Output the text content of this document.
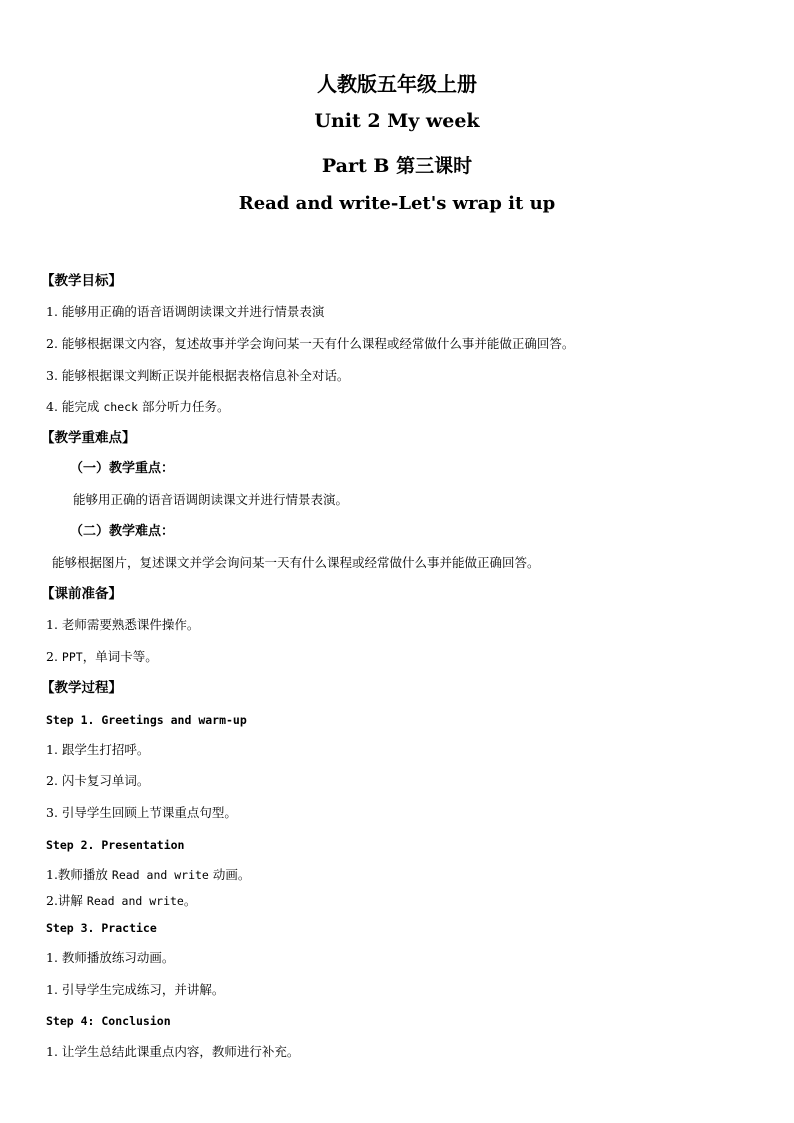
人教版五年级上册
Unit 2 My week
Part B 第三课时
Read and write-Let's wrap it up
【教学目标】
1. 能够用正确的语音语调朗读课文并进行情景表演
2. 能够根据课文内容，复述故事并学会询问某一天有什么课程或经常做什么事并能做正确回答。
3. 能够根据课文判断正误并能根据表格信息补全对话。
4. 能完成 check 部分听力任务。
【教学重难点】
（一）教学重点：
能够用正确的语音语调朗读课文并进行情景表演。
（二）教学难点：
能够根据图片，复述课文并学会询问某一天有什么课程或经常做什么事并能做正确回答。
【课前准备】
1. 老师需要熟悉课件操作。
2. PPT，单词卡等。
【教学过程】
Step 1. Greetings and warm-up
1. 跟学生打招呼。
2. 闪卡复习单词。
3. 引导学生回顾上节课重点句型。
Step 2. Presentation
1.教师播放 Read and write 动画。
2.讲解 Read and write。
Step 3. Practice
1. 教师播放练习动画。
1. 引导学生完成练习，并讲解。
Step 4: Conclusion
1. 让学生总结此课重点内容，教师进行补充。
